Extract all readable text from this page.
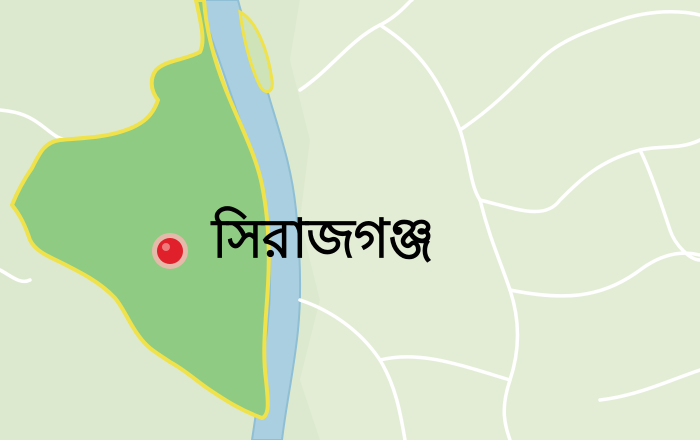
সিরাজগঞ্জ
